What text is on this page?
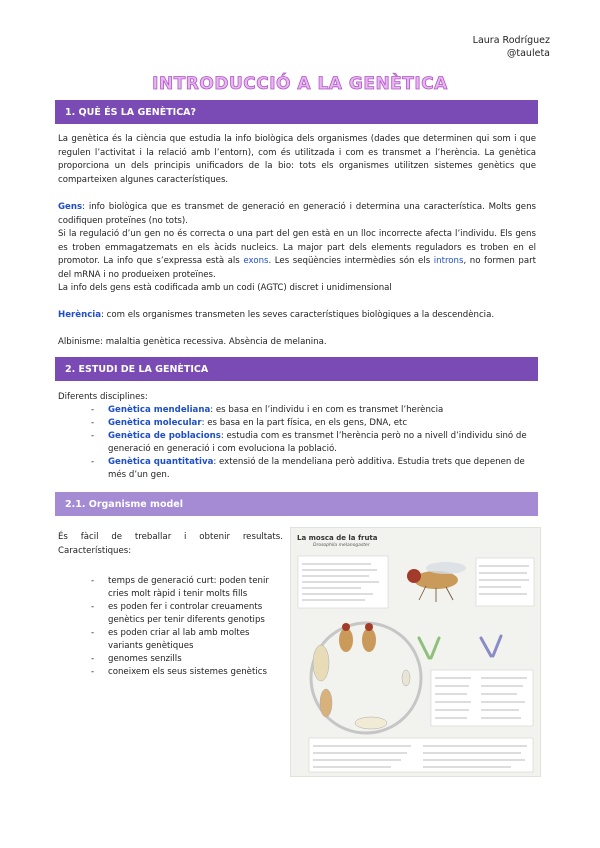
Laura Rodríguez
@tauleta
INTRODUCCIÓ A LA GENÈTICA
1. QUÈ ÉS LA GENÈTICA?
La genètica és la ciència que estudia la info biològica dels organismes (dades que determinen qui som i que regulen l’activitat i la relació amb l’entorn), com és utilitzada i com es transmet a l’herència. La genètica proporciona un dels principis unificadors de la bio: tots els organismes utilitzen sistemes genètics que comparteixen algunes característiques.
Gens: info biològica que es transmet de generació en generació i determina una característica. Molts gens codifiquen proteïnes (no tots).
Si la regulació d’un gen no és correcta o una part del gen està en un lloc incorrecte afecta l’individu. Els gens es troben emmagatzemats en els àcids nucleics. La major part dels elements reguladors es troben en el promotor. La info que s’expressa està als exons. Les seqüències intermèdies són els introns, no formen part del mRNA i no produeixen proteïnes.
La info dels gens està codificada amb un codi (AGTC) discret i unidimensional
Herència: com els organismes transmeten les seves característiques biològiques a la descendència.
Albinisme: malaltia genètica recessiva. Absència de melanina.
2. ESTUDI DE LA GENÈTICA
Diferents disciplines:
- Genètica mendeliana: es basa en l’individu i en com es transmet l’herència
- Genètica molecular: es basa en la part física, en els gens, DNA, etc
- Genètica de poblacions: estudia com es transmet l’herència però no a nivell d’individu sinó de generació en generació i com evoluciona la població.
- Genètica quantitativa: extensió de la mendeliana però additiva. Estudia trets que depenen de més d’un gen.
2.1. Organisme model
És fàcil de treballar i obtenir resultats. Característiques:
- temps de generació curt: poden tenir cries molt ràpid i tenir molts fills
- es poden fer i controlar creuaments genètics per tenir diferents genotips
- es poden criar al lab amb moltes variants genètiques
- genomes senzills
- coneixem els seus sistemes genètics
La mosca de la fruta
Drosophila melanogaster
